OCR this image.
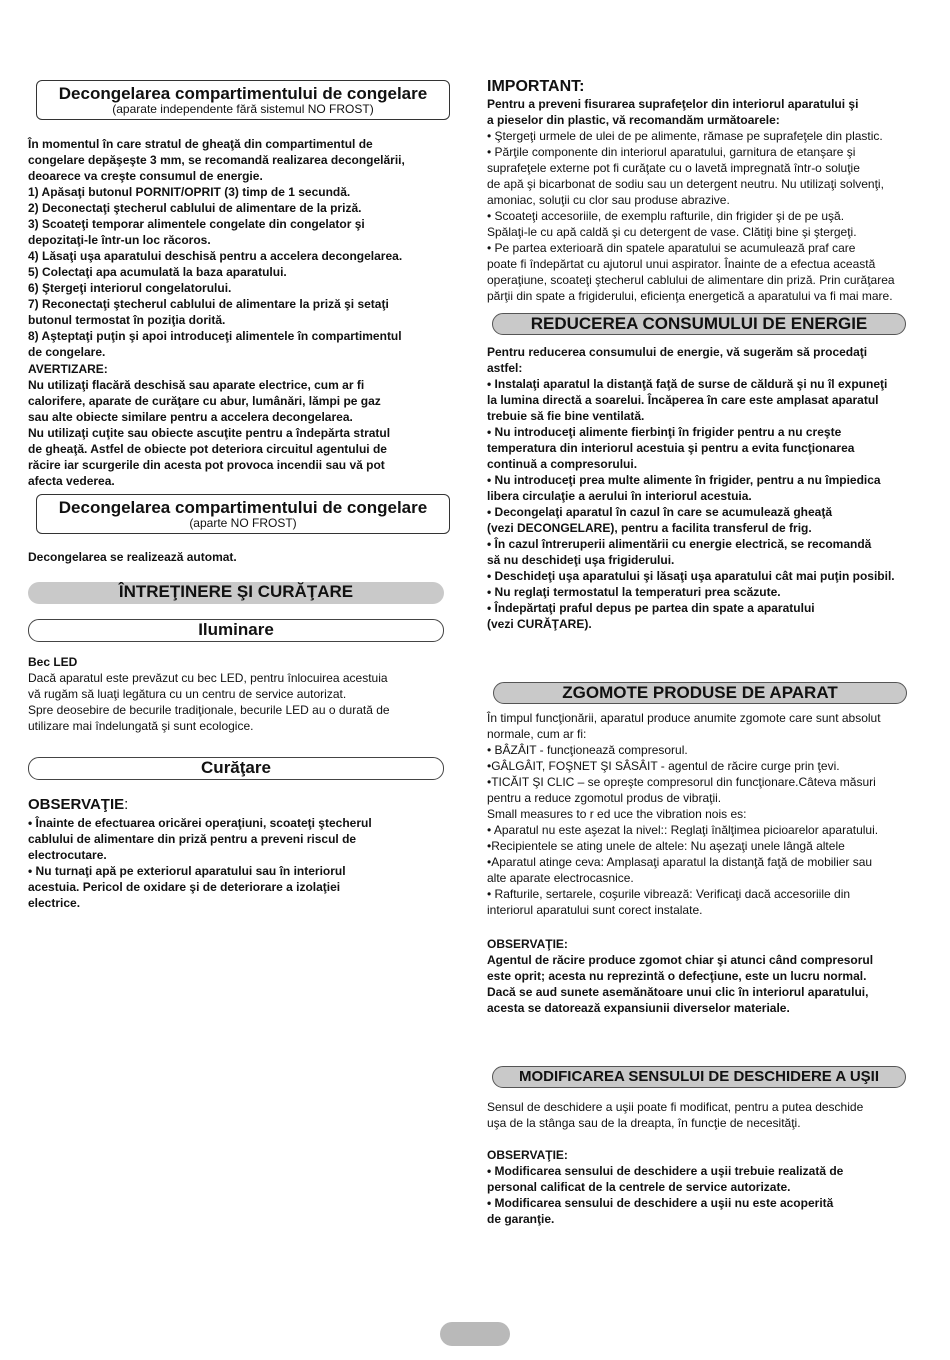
Decongelarea compartimentului de congelare
(aparate independente fără sistemul NO FROST)

În momentul în care stratul de gheaţă din compartimentul de
congelare depăşeşte 3 mm, se recomandă realizarea decongelării,
deoarece va creşte consumul de energie.
1) Apăsaţi butonul PORNIT/OPRIT (3) timp de 1 secundă.
2) Deconectaţi ştecherul cablului de alimentare de la priză.
3) Scoateţi temporar alimentele congelate din congelator şi
depozitaţi-le într-un loc răcoros.
4) Lăsaţi uşa aparatului deschisă pentru a accelera decongelarea.
5) Colectaţi apa acumulată la baza aparatului.
6) Ştergeţi interiorul congelatorului.
7) Reconectaţi ştecherul cablului de alimentare la priză şi setaţi
butonul termostat în poziţia dorită.
8) Aşteptaţi puţin şi apoi introduceţi alimentele în compartimentul
de congelare.

AVERTIZARE:

Nu utilizaţi flacără deschisă sau aparate electrice, cum ar fi
calorifere, aparate de curăţare cu abur, lumânări, lămpi pe gaz
sau alte obiecte similare pentru a accelera decongelarea.
Nu utilizaţi cuţite sau obiecte ascuţite pentru a îndepărta stratul
de gheaţă. Astfel de obiecte pot deteriora circuitul agentului de
răcire iar scurgerile din acesta pot provoca incendii sau vă pot
afecta vederea.

Decongelarea compartimentului de congelare
(aparte NO FROST)

Decongelarea se realizează automat.

ÎNTREŢINERE ŞI CURĂŢARE
Iluminare

Bec LED

Dacă aparatul este prevăzut cu bec LED, pentru înlocuirea acestuia
vă rugăm să luaţi legătura cu un centru de service autorizat.
Spre deosebire de becurile tradiţionale, becurile LED au o durată de
utilizare mai îndelungată şi sunt ecologice.

Curăţare
OBSERVAŢIE:

• Înainte de efectuarea oricărei operaţiuni, scoateţi ştecherul
cablului de alimentare din priză pentru a preveni riscul de
electrocutare.
• Nu turnaţi apă pe exteriorul aparatului sau în interiorul
acestuia. Pericol de oxidare şi de deteriorare a izolaţiei
electrice.

IMPORTANT:

Pentru a preveni fisurarea suprafeţelor din interiorul aparatului şi
a pieselor din plastic, vă recomandăm următoarele:

• Ştergeţi urmele de ulei de pe alimente, rămase pe suprafeţele din plastic.
• Părţile componente din interiorul aparatului, garnitura de etanşare şi
suprafeţele externe pot fi curăţate cu o lavetă impregnată într-o soluţie
de apă şi bicarbonat de sodiu sau un detergent neutru. Nu utilizaţi solvenţi,
amoniac, soluţii cu clor sau produse abrazive.
• Scoateţi accesoriile, de exemplu rafturile, din frigider şi de pe uşă.
Spălaţi-le cu apă caldă şi cu detergent de vase. Clătiţi bine şi ştergeţi.
• Pe partea exterioară din spatele aparatului se acumulează praf care
poate fi îndepărtat cu ajutorul unui aspirator. Înainte de a efectua această
operaţiune, scoateţi ştecherul cablului de alimentare din priză. Prin curăţarea
părţii din spate a frigiderului, eficienţa energetică a aparatului va fi mai mare.

REDUCEREA CONSUMULUI DE ENERGIE

Pentru reducerea consumului de energie, vă sugerăm să procedaţi
astfel:
• Instalaţi aparatul la distanţă faţă de surse de căldură şi nu îl expuneţi
la lumina directă a soarelui. Încăperea în care este amplasat aparatul
trebuie să fie bine ventilată.
• Nu introduceţi alimente fierbinţi în frigider pentru a nu creşte
temperatura din interiorul acestuia şi pentru a evita funcţionarea
continuă a compresorului.
• Nu introduceţi prea multe alimente în frigider, pentru a nu împiedica
libera circulaţie a aerului în interiorul acestuia.
• Decongelaţi aparatul în cazul în care se acumulează gheaţă
(vezi DECONGELARE), pentru a facilita transferul de frig.
• În cazul întreruperii alimentării cu energie electrică, se recomandă
să nu deschideţi uşa frigiderului.
• Deschideţi uşa aparatului şi lăsaţi uşa aparatului cât mai puţin posibil.
• Nu reglaţi termostatul la temperaturi prea scăzute.
• Îndepărtaţi praful depus pe partea din spate a aparatului
(vezi CURĂŢARE).

ZGOMOTE PRODUSE DE APARAT

În timpul funcţionării, aparatul produce anumite zgomote care sunt absolut
normale, cum ar fi:
• BÂZÂIT - funcţionează compresorul.
•GÂLGÂIT, FOŞNET ŞI SÂSÂIT - agentul de răcire curge prin ţevi.
•TICĂIT ŞI CLIC – se opreşte compresorul din funcţionare.Câteva măsuri
pentru a reduce zgomotul produs de vibraţii.
Small measures to r ed uce the vibration nois es:
• Aparatul nu este aşezat la nivel:: Reglaţi înălţimea picioarelor aparatului.
•Recipientele se ating unele de altele: Nu aşezaţi unele lângă altele
•Aparatul atinge ceva: Amplasaţi aparatul la distanţă faţă de mobilier sau
alte aparate electrocasnice.
• Rafturile, sertarele, coşurile vibrează: Verificaţi dacă accesoriile din
interiorul aparatului sunt corect instalate.

OBSERVAŢIE:

Agentul de răcire produce zgomot chiar şi atunci când compresorul
este oprit; acesta nu reprezintă o defecţiune, este un lucru normal.
Dacă se aud sunete asemănătoare unui clic în interiorul aparatului,
acesta se datorează expansiunii diverselor materiale.

MODIFICAREA SENSULUI DE DESCHIDERE A UŞII

Sensul de deschidere a uşii poate fi modificat, pentru a putea deschide
uşa de la stânga sau de la dreapta, în funcţie de necesităţi.

OBSERVAŢIE:

• Modificarea sensului de deschidere a uşii trebuie realizată de
personal calificat de la centrele de service autorizate.
• Modificarea sensului de deschidere a uşii nu este acoperită
de garanţie.
